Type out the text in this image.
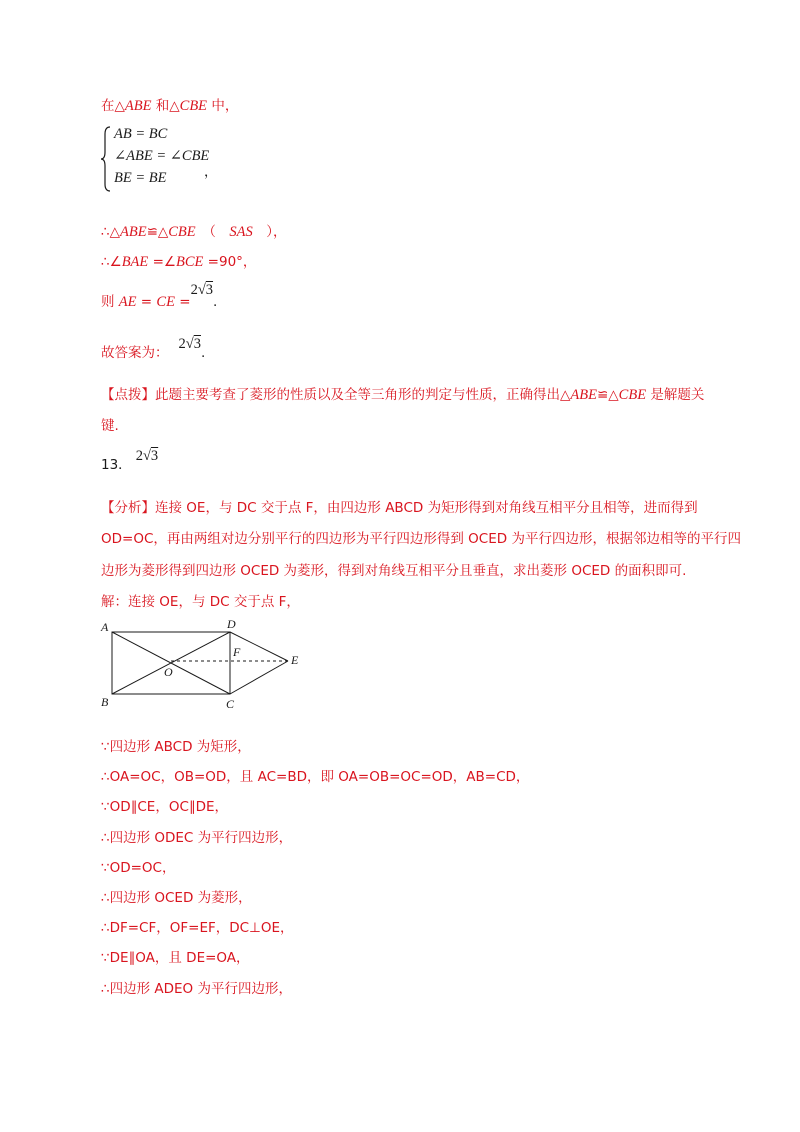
在△ABE 和△CBE 中，
AB = BC
∠ABE = ∠CBE
BE = BE	，
∴△ABE≌△CBE　（　SAS　），
∴∠BAE =∠BCE =90°，
则 AE = CE =2√3.
故答案为：2√3.
【点拨】此题主要考查了菱形的性质以及全等三角形的判定与性质，正确得出△ABE≌△CBE 是解题关
键.
13．2√3
【分析】连接 OE，与 DC 交于点 F，由四边形 ABCD 为矩形得到对角线互相平分且相等，进而得到
OD=OC，再由两组对边分别平行的四边形为平行四边形得到 OCED 为平行四边形，根据邻边相等的平行四
边形为菱形得到四边形 OCED 为菱形，得到对角线互相平分且垂直，求出菱形 OCED 的面积即可.
解：连接 OE，与 DC 交于点 F，
A
B	C
D
E
F
O
∵四边形 ABCD 为矩形，
∴OA=OC，OB=OD，且 AC=BD，即 OA=OB=OC=OD，AB=CD，
∵OD∥CE，OC∥DE，
∴四边形 ODEC 为平行四边形，
∵OD=OC，
∴四边形 OCED 为菱形，
∴DF=CF，OF=EF，DC⊥OE，
∵DE∥OA，且 DE=OA，
∴四边形 ADEO 为平行四边形，
